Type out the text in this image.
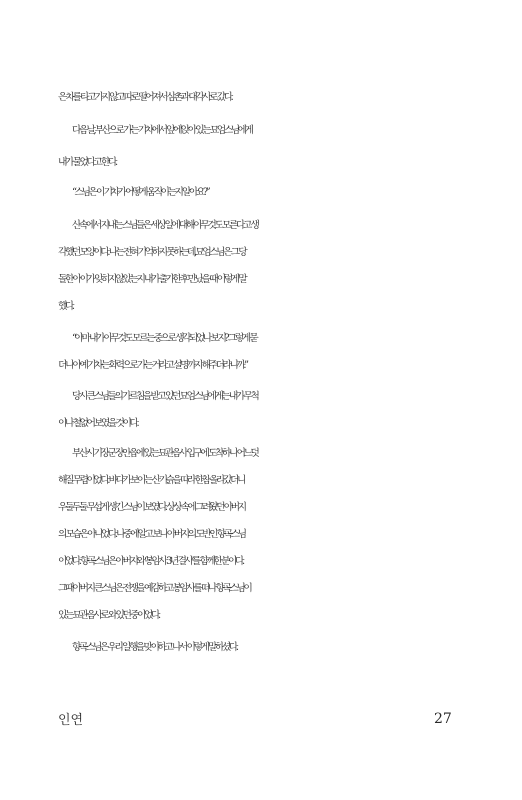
은 차를 타고 가지 않고 따로 떨어져서 삼촌과 대각사로 갔다.
다음 날, 부산으로 가는 기차에서 앞에 앉아 있는 묘엄스님에게
내가 물었다고 한다.
“스님은 이 기차가 어떻게 움직이는지 알아요?”
산속에서 지내는 스님들은 세상일에 대해 아무것도 모른다고 생
각했던 모양이다. 나는 전혀 기억하지 못하는데, 묘엄스님은 그 당
돌한 아이가 잊히지 않았는지 내가 출가한 후 만났을 때 이렇게 말
했다.
“아마 내가 아무것도 모르는 중으로 생각되었나 보지? 그렇게 묻
더니 아예 기차는 화력으로 가는 거라고 설명까지 해주더라니까.”
당시 큰스님들의 가르침을 받고 있던 묘엄스님에게는 내가 무척
이나 철없어 보였을 것이다.
부산시 기장군 장안읍에 있는 묘관음사 입구에 도착하니 어느덧
해질 무렵이었다. 바다가 보이는 산기슭을 따라 한참 올라갔더니
우둘두둘 무섭게 생긴 스님이 보였다. 상상 속에 그려왔던 아버지
의 모습은 아니었다. 나중에 알고 보니 아버지의 도반인 향곡스님
이었다. 향곡스님은 아버지와 ‘봉암사 3년 결사’를 함께한 분이다.
그때 아버지 큰스님은 전쟁을 예감하고 봉암사를 떠나 향곡스님이
있는 묘관음사로 와 있던 중이었다.
향곡스님은 우리 일행을 맞이하고 나서 이렇게 말하셨다.
인연	27
